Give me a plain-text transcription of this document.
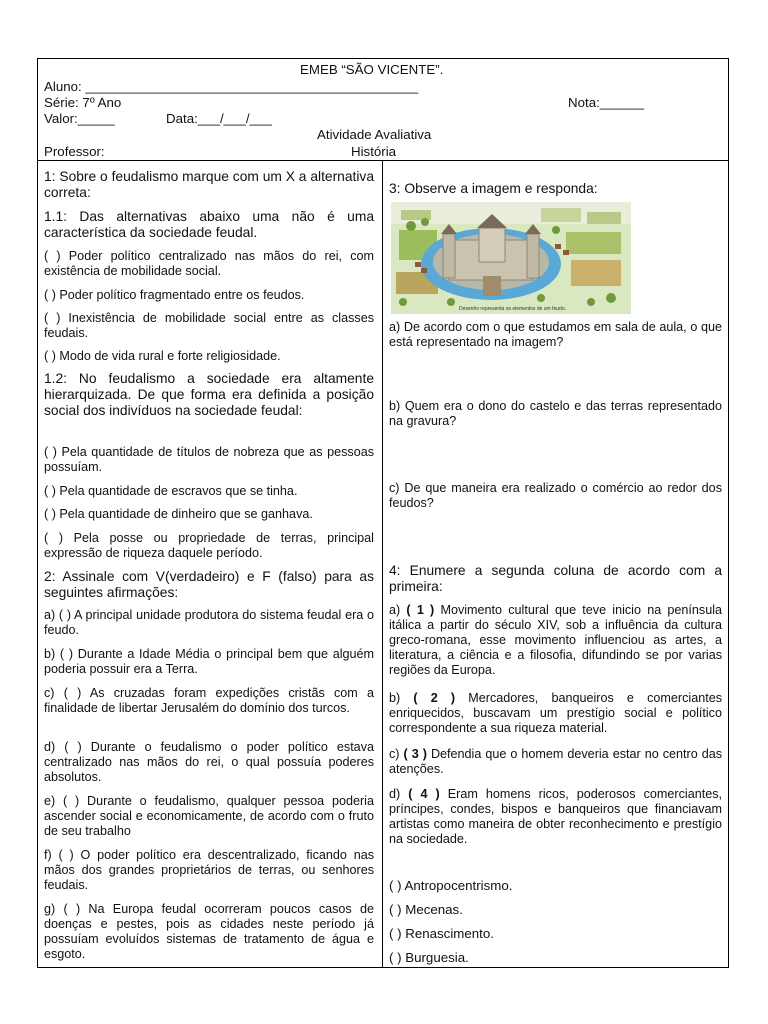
EMEB “SÃO VICENTE”.
Aluno: _____________________________________________
Série: 7º Ano	Nota:______
Valor:_____	Data:___/___/___
Atividade Avaliativa
Professor:	História

1: Sobre o feudalismo marque com um X a alternativa correta:

1.1: Das alternativas abaixo uma não é uma característica da sociedade feudal.

( ) Poder político centralizado nas mãos do rei, com existência de mobilidade social.

( ) Poder político fragmentado entre os feudos.

( ) Inexistência de mobilidade social entre as classes feudais.

( ) Modo de vida rural e forte religiosidade.

1.2: No feudalismo a sociedade era altamente hierarquizada. De que forma era definida a posição social dos indivíduos na sociedade feudal:

( ) Pela quantidade de títulos de nobreza que as pessoas possuíam.

( ) Pela quantidade de escravos que se tinha.

( ) Pela quantidade de dinheiro que se ganhava.

( ) Pela posse ou propriedade de terras, principal expressão de riqueza daquele período.

2: Assinale com V(verdadeiro) e F (falso) para as seguintes afirmações:

a) ( ) A principal unidade produtora do sistema feudal era o feudo.

b) ( ) Durante a Idade Média o principal bem que alguém poderia possuir era a Terra.

c) ( ) As cruzadas foram expedições cristãs com a finalidade de libertar Jerusalém do domínio dos turcos.

d) ( ) Durante o feudalismo o poder político estava centralizado nas mãos do rei, o qual possuía poderes absolutos.

e) ( ) Durante o feudalismo, qualquer pessoa poderia ascender social e economicamente, de acordo com o fruto de seu trabalho

f) ( ) O poder político era descentralizado, ficando nas mãos dos grandes proprietários de terras, ou senhores feudais.

g) ( ) Na Europa feudal ocorreram poucos casos de doenças e pestes, pois as cidades neste período já possuíam evoluídos sistemas de tratamento de água e esgoto.

3: Observe a imagem e responda:

Desenho representa os elementos de um feudo.

a) De acordo com o que estudamos em sala de aula, o que está representado na imagem?

b) Quem era o dono do castelo e das terras representado na gravura?

c) De que maneira era realizado o comércio ao redor dos feudos?

4: Enumere a segunda coluna de acordo com a primeira:

a) ( 1 ) Movimento cultural que teve inicio na península itálica a partir do século XIV, sob a influência da cultura greco-romana, esse movimento influenciou as artes, a literatura, a ciência e a filosofia, difundindo se por varias regiões da Europa.

b) ( 2 ) Mercadores, banqueiros e comerciantes enriquecidos, buscavam um prestígio social e político correspondente a sua riqueza material.

c) ( 3 ) Defendia que o homem deveria estar no centro das atenções.

d) ( 4 ) Eram homens ricos, poderosos comerciantes, príncipes, condes, bispos e banqueiros que financiavam artistas como maneira de obter reconhecimento e prestígio na sociedade.

( ) Antropocentrismo.
( ) Mecenas.
( ) Renascimento.
( ) Burguesia.
